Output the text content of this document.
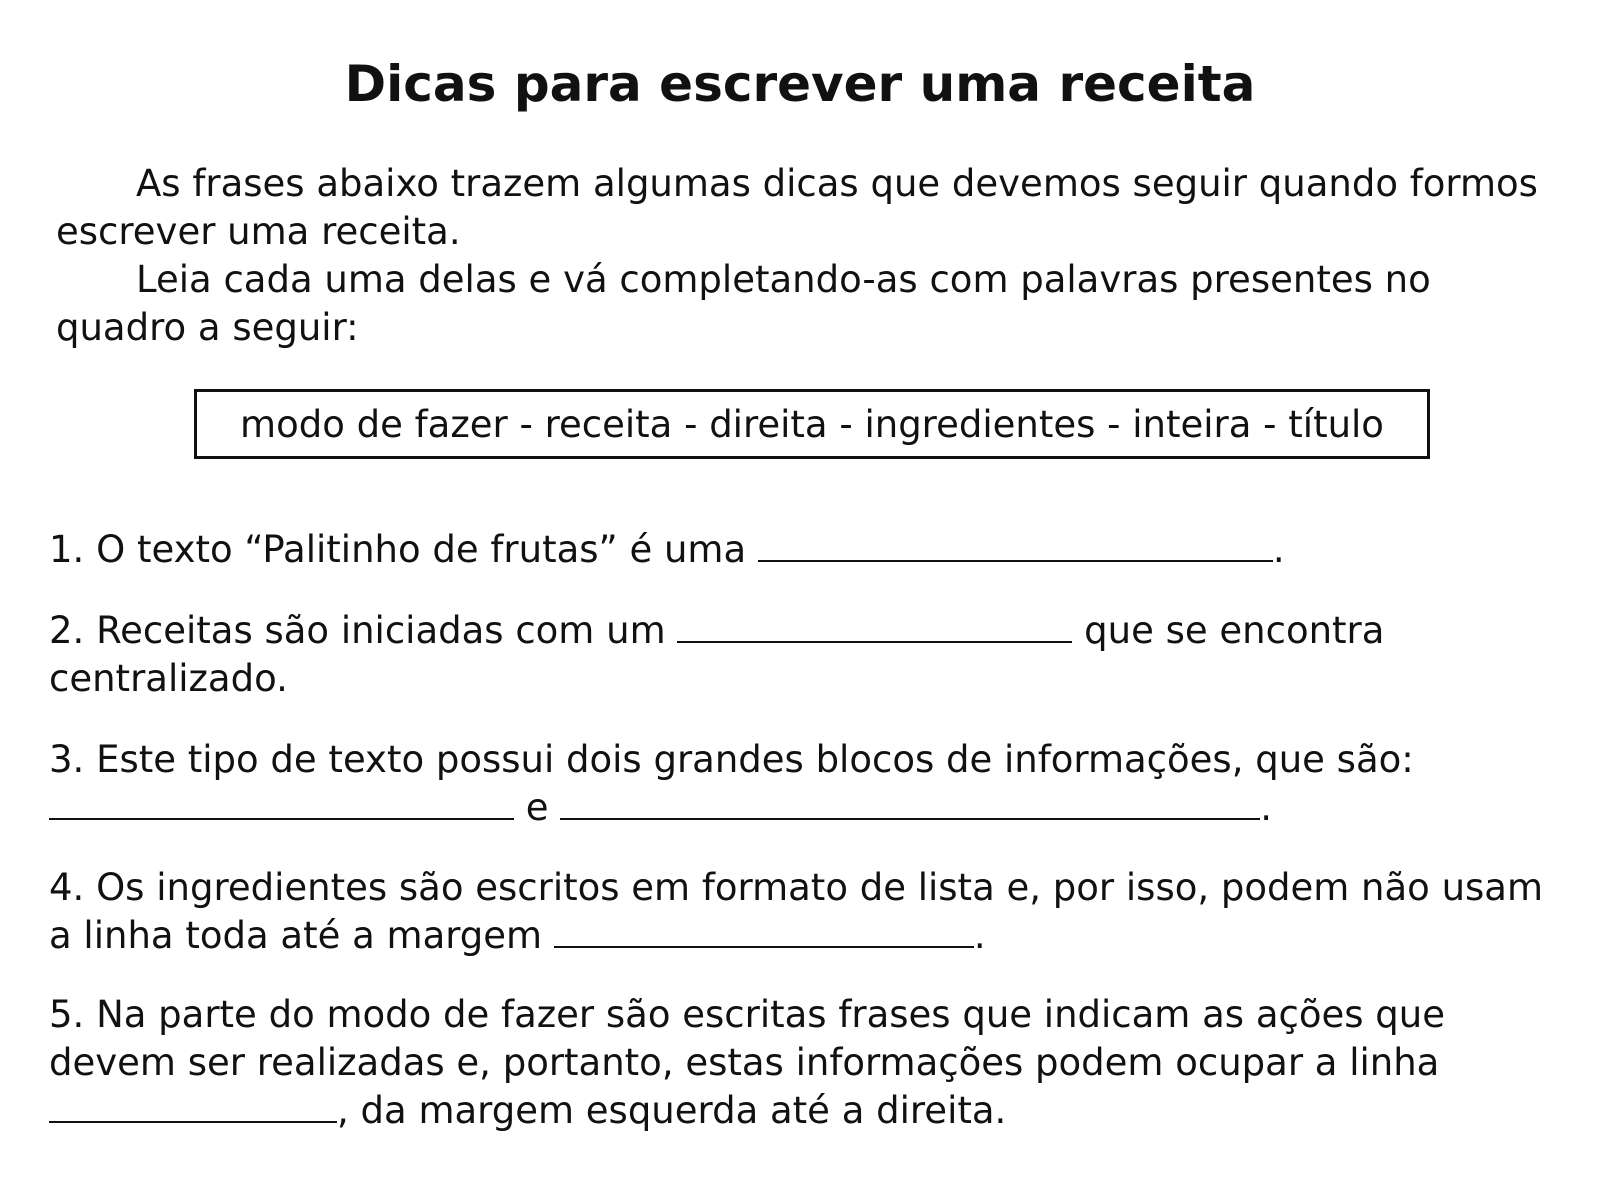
Dicas para escrever uma receita

As frases abaixo trazem algumas dicas que devemos seguir quando formos escrever uma receita.

Leia cada uma delas e vá completando-as com palavras presentes no quadro a seguir:

modo de fazer - receita - direita - ingredientes - inteira - título
1. O texto “Palitinho de frutas” é uma	.
2. Receitas são iniciadas com um	que se encontra centralizado.
3. Este tipo de texto possui dois grandes blocos de informações, que são:
e	.
4. Os ingredientes são escritos em formato de lista e, por isso, podem não usam a linha toda até a margem	.
5. Na parte do modo de fazer são escritas frases que indicam as ações que devem ser realizadas e, portanto, estas informações podem ocupar a linha
, da margem esquerda até a direita.
